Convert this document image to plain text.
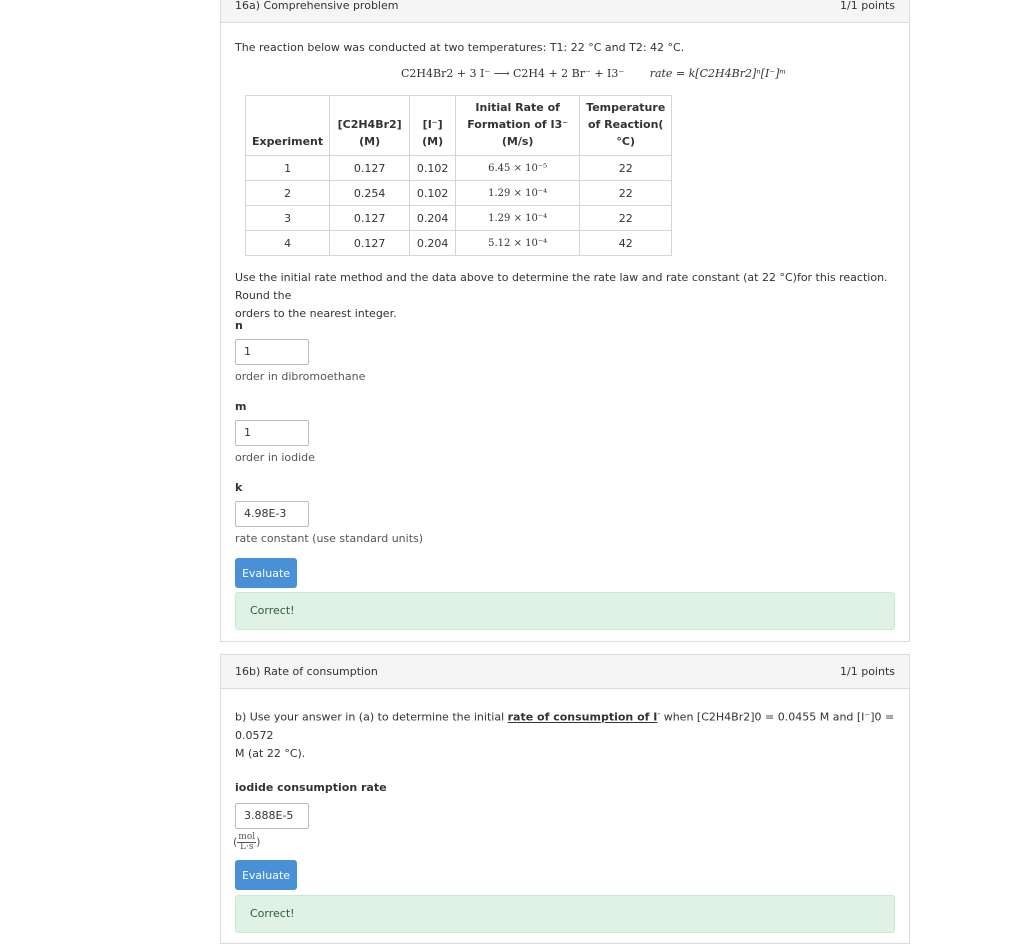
16a) Comprehensive problem	1/1 points
The reaction below was conducted at two temperatures: T1: 22 °C and T2: 42 °C.
C2H4Br2 + 3 I⁻ ⟶ C2H4 + 2 Br⁻ + I3⁻ rate = k[C2H4Br2]ⁿ[I⁻]ᵐ
Experiment	[C2H4Br2] (M)	[I⁻] (M)	Initial Rate of Formation of I3⁻ (M/s)	Temperature of Reaction( °C)
1	0.127	0.102	6.45 × 10⁻⁵	22
2	0.254	0.102	1.29 × 10⁻⁴	22
3	0.127	0.204	1.29 × 10⁻⁴	22
4	0.127	0.204	5.12 × 10⁻⁴	42
Use the initial rate method and the data above to determine the rate law and rate constant (at 22 °C)for this reaction. Round the
orders to the nearest integer.
n
1
order in dibromoethane
m
1
order in iodide
k
4.98E-3
rate constant (use standard units)
Evaluate
Correct!
16b) Rate of consumption	1/1 points
b) Use your answer in (a) to determine the initial rate of consumption of I- when [C2H4Br2]0 = 0.0455 M and [I⁻]0 = 0.0572
M (at 22 °C).
iodide consumption rate
3.888E-5
( $\frac{\text{mol}}{L\cdot s}$ )
Evaluate
Correct!
